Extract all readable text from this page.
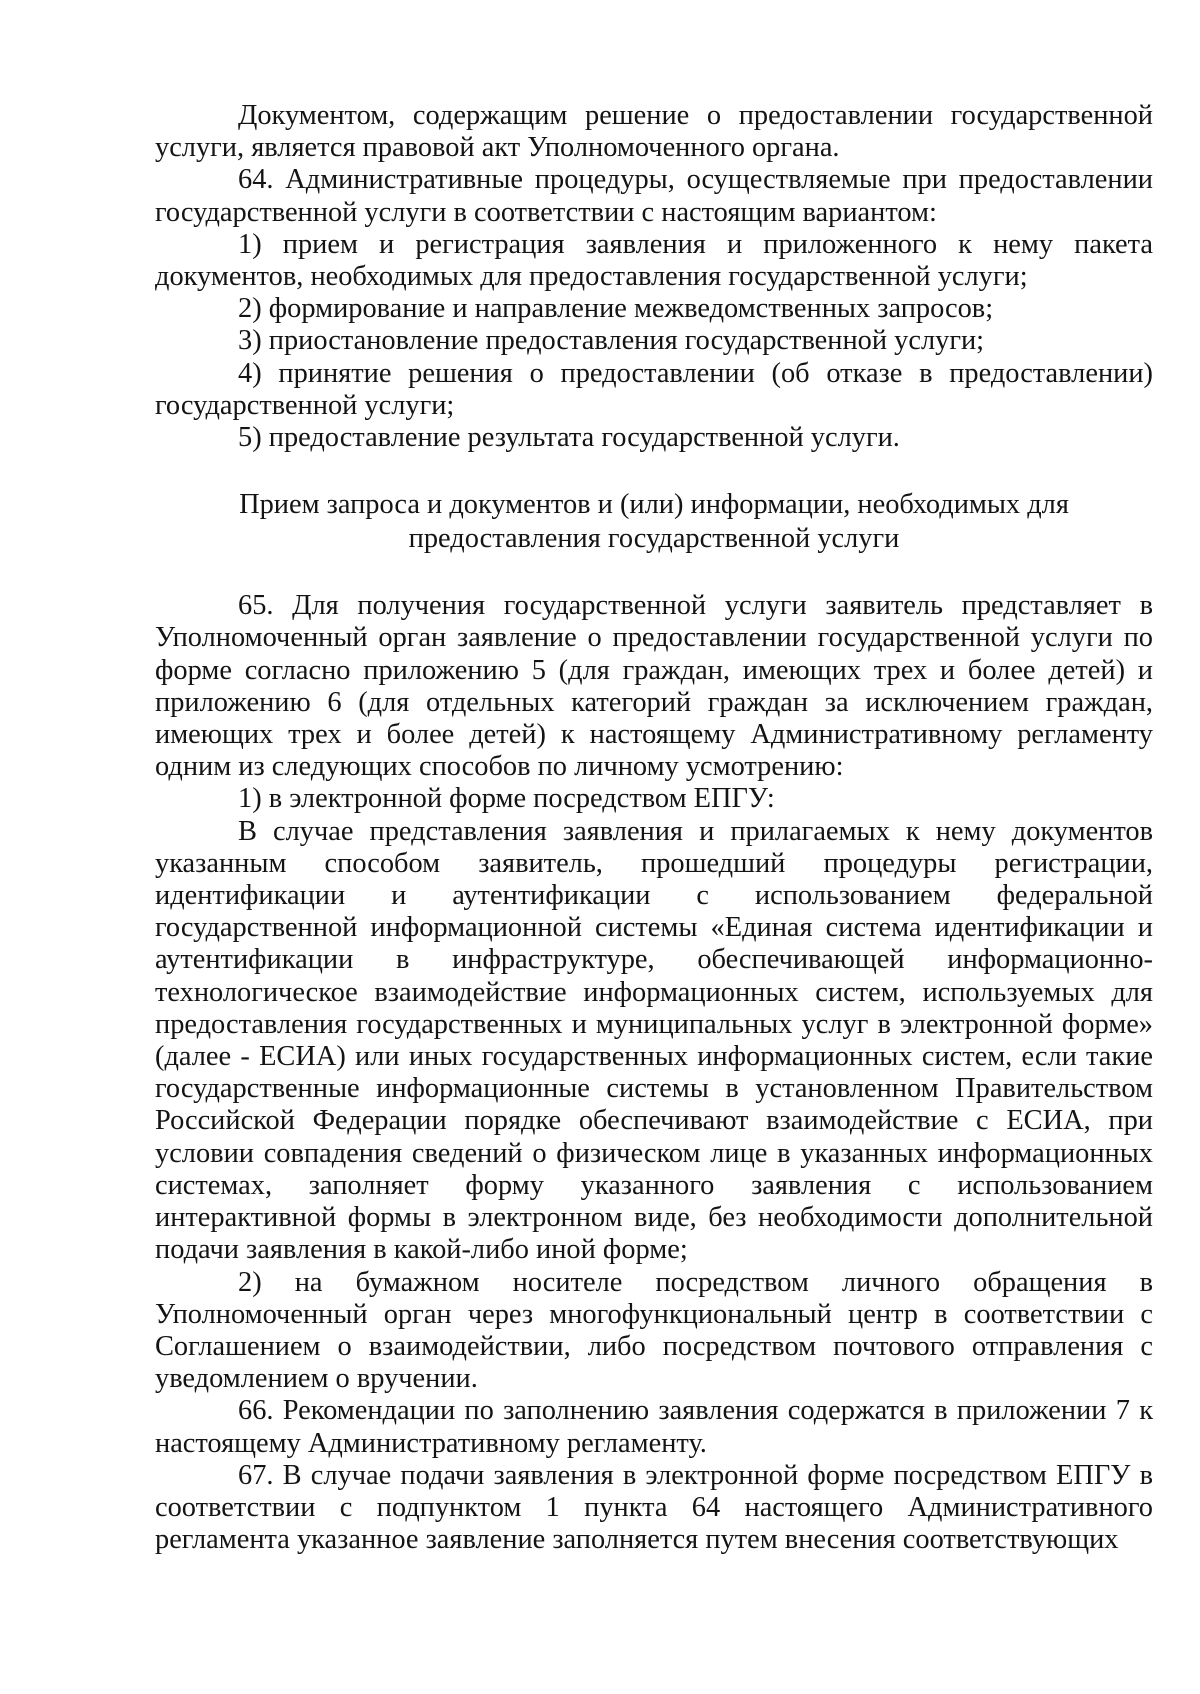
Документом, содержащим решение о предоставлении государственной услуги, является правовой акт Уполномоченного органа.

64. Административные процедуры, осуществляемые при предоставлении государственной услуги в соответствии с настоящим вариантом:

1) прием и регистрация заявления и приложенного к нему пакета документов, необходимых для предоставления государственной услуги;

2) формирование и направление межведомственных запросов;

3) приостановление предоставления государственной услуги;

4) принятие решения о предоставлении (об отказе в предоставлении) государственной услуги;

5) предоставление результата государственной услуги.

Прием запроса и документов и (или) информации, необходимых для предоставления государственной услуги

65. Для получения государственной услуги заявитель представляет в Уполномоченный орган заявление о предоставлении государственной услуги по форме согласно приложению 5 (для граждан, имеющих трех и более детей) и приложению 6 (для отдельных категорий граждан за исключением граждан, имеющих трех и более детей) к настоящему Административному регламенту одним из следующих способов по личному усмотрению:

1) в электронной форме посредством ЕПГУ:

В случае представления заявления и прилагаемых к нему документов указанным способом заявитель, прошедший процедуры регистрации, идентификации и аутентификации с использованием федеральной государственной информационной системы «Единая система идентификации и аутентификации в инфраструктуре, обеспечивающей информационно-технологическое взаимодействие информационных систем, используемых для предоставления государственных и муниципальных услуг в электронной форме» (далее - ЕСИА) или иных государственных информационных систем, если такие государственные информационные системы в установленном Правительством Российской Федерации порядке обеспечивают взаимодействие с ЕСИА, при условии совпадения сведений о физическом лице в указанных информационных системах, заполняет форму указанного заявления с использованием интерактивной формы в электронном виде, без необходимости дополнительной подачи заявления в какой-либо иной форме;

2) на бумажном носителе посредством личного обращения в Уполномоченный орган через многофункциональный центр в соответствии с Соглашением о взаимодействии, либо посредством почтового отправления с уведомлением о вручении.

66. Рекомендации по заполнению заявления содержатся в приложении 7 к настоящему Административному регламенту.

67. В случае подачи заявления в электронной форме посредством ЕПГУ в соответствии с подпунктом 1 пункта 64 настоящего Административного регламента указанное заявление заполняется путем внесения соответствующих
